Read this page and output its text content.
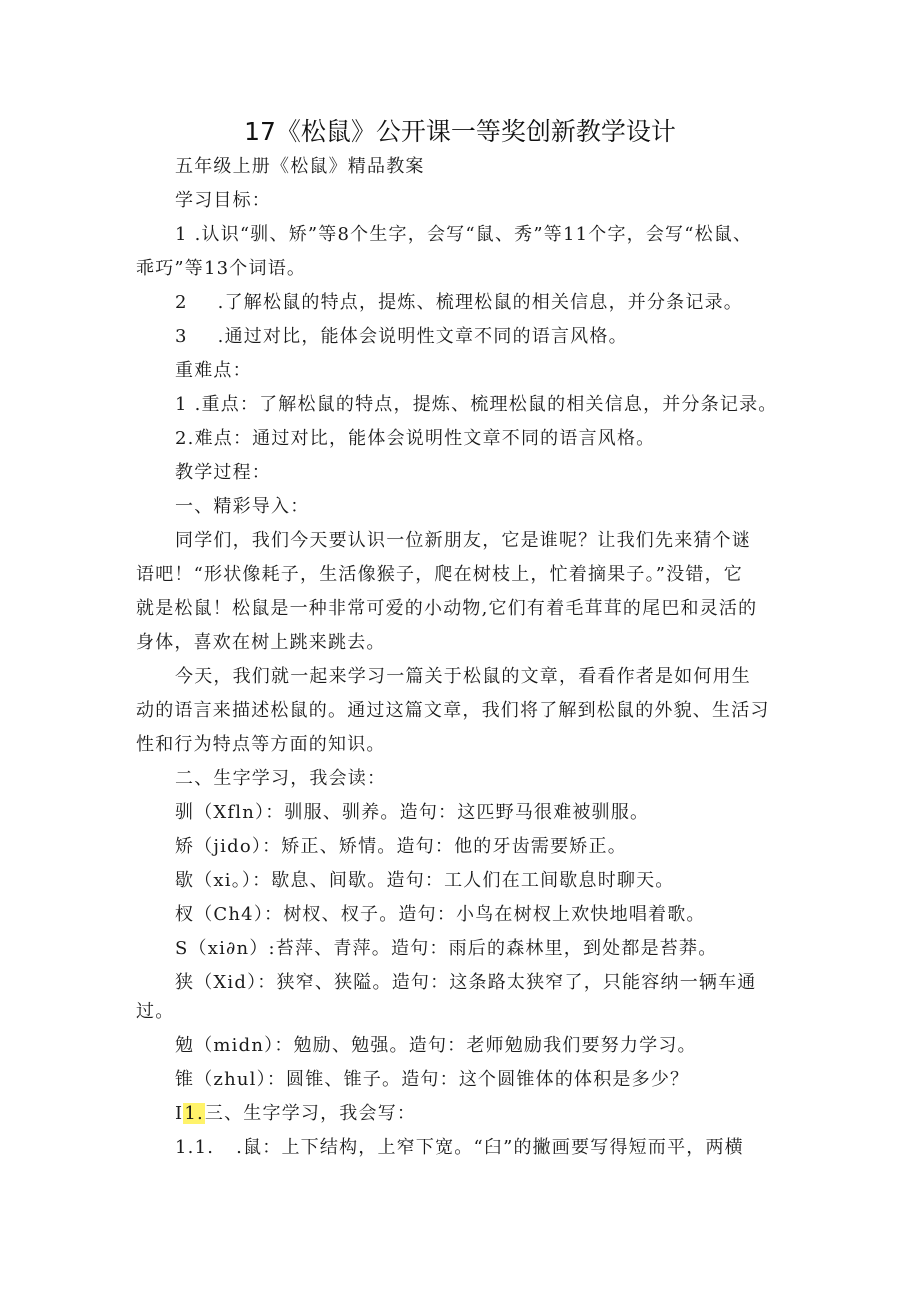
17《松鼠》公开课一等奖创新教学设计
五年级上册《松鼠》精品教案
学习目标：
1 .认识“驯、矫”等8个生字，会写“鼠、秀”等11个字，会写“松鼠、
乖巧”等13个词语。
2 .了解松鼠的特点，提炼、梳理松鼠的相关信息，并分条记录。
3 .通过对比，能体会说明性文章不同的语言风格。
重难点：
1 .重点：了解松鼠的特点，提炼、梳理松鼠的相关信息，并分条记录。
2.难点：通过对比，能体会说明性文章不同的语言风格。
教学过程：
一、精彩导入：
同学们，我们今天要认识一位新朋友，它是谁呢？让我们先来猜个谜
语吧！“形状像耗子，生活像猴子，爬在树枝上，忙着摘果子。”没错，它
就是松鼠！松鼠是一种非常可爱的小动物,它们有着毛茸茸的尾巴和灵活的
身体，喜欢在树上跳来跳去。
今天，我们就一起来学习一篇关于松鼠的文章，看看作者是如何用生
动的语言来描述松鼠的。通过这篇文章，我们将了解到松鼠的外貌、生活习
性和行为特点等方面的知识。
二、生字学习，我会读：
驯（Xfln）：驯服、驯养。造句：这匹野马很难被驯服。
矫（jido）：矫正、矫情。造句：他的牙齿需要矫正。
歇（xi。）：歇息、间歇。造句：工人们在工间歇息时聊天。
杈（Ch4）：树杈、杈子。造句：小鸟在树杈上欢快地唱着歌。
S（xi∂n）:苔萍、青萍。造句：雨后的森林里，到处都是苔莽。
狭（Xid）：狭窄、狭隘。造句：这条路太狭窄了，只能容纳一辆车通
过。
勉（midn）：勉励、勉强。造句：老师勉励我们要努力学习。
锥（zhul）：圆锥、锥子。造句：这个圆锥体的体积是多少？
I1.三、生字学习，我会写：
1.1. .鼠：上下结构，上窄下宽。“臼”的撇画要写得短而平，两横
